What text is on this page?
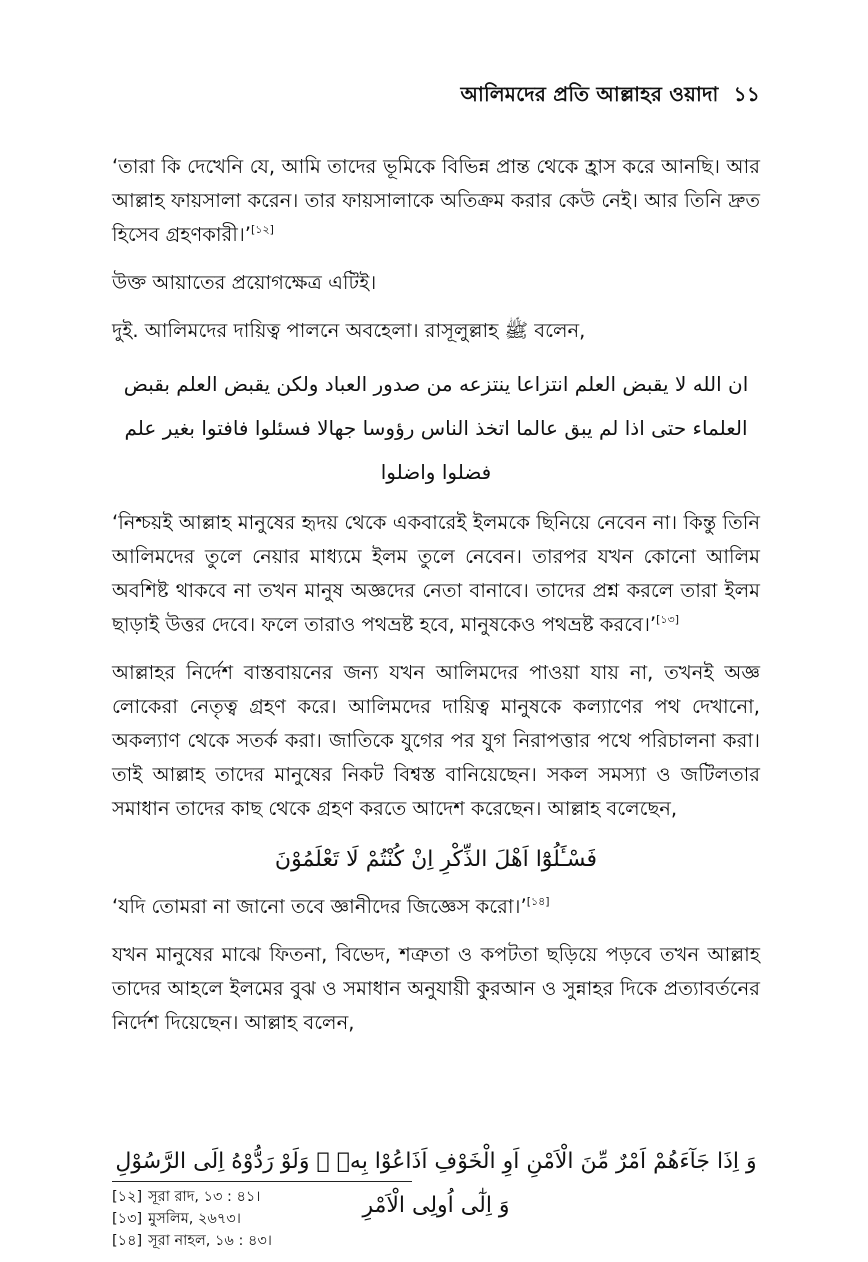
আলিমদের প্রতি আল্লাহর ওয়াদা ১১

‘তারা কি দেখেনি যে, আমি তাদের ভূমিকে বিভিন্ন প্রান্ত থেকে হ্রাস করে আনছি। আর আল্লাহ ফায়সালা করেন। তার ফায়সালাকে অতিক্রম করার কেউ নেই। আর তিনি দ্রুত হিসেব গ্রহণকারী।’[১২]

উক্ত আয়াতের প্রয়োগক্ষেত্র এটিই।

দুই. আলিমদের দায়িত্ব পালনে অবহেলা। রাসূলুল্লাহ ﷺ বলেন,

ان الله لا يقبض العلم انتزاعا ينتزعه من صدور العباد ولكن يقبض العلم بقبض العلماء حتى اذا لم يبق عالما اتخذ الناس رؤوسا جهالا فسئلوا فافتوا بغير علم فضلوا واضلوا

‘নিশ্চয়ই আল্লাহ মানুষের হৃদয় থেকে একবারেই ইলমকে ছিনিয়ে নেবেন না। কিন্তু তিনি আলিমদের তুলে নেয়ার মাধ্যমে ইলম তুলে নেবেন। তারপর যখন কোনো আলিম অবশিষ্ট থাকবে না তখন মানুষ অজ্ঞদের নেতা বানাবে। তাদের প্রশ্ন করলে তারা ইলম ছাড়াই উত্তর দেবে। ফলে তারাও পথভ্রষ্ট হবে, মানুষকেও পথভ্রষ্ট করবে।’[১৩]

আল্লাহর নির্দেশ বাস্তবায়নের জন্য যখন আলিমদের পাওয়া যায় না, তখনই অজ্ঞ লোকেরা নেতৃত্ব গ্রহণ করে। আলিমদের দায়িত্ব মানুষকে কল্যাণের পথ দেখানো, অকল্যাণ থেকে সতর্ক করা। জাতিকে যুগের পর যুগ নিরাপত্তার পথে পরিচালনা করা। তাই আল্লাহ তাদের মানুষের নিকট বিশ্বস্ত বানিয়েছেন। সকল সমস্যা ও জটিলতার সমাধান তাদের কাছ থেকে গ্রহণ করতে আদেশ করেছেন। আল্লাহ বলেছেন,

فَسْـَٔلُوْٓا اَهْلَ الذِّكْرِ اِنْ كُنْتُمْ لَا تَعْلَمُوْنَ

‘যদি তোমরা না জানো তবে জ্ঞানীদের জিজ্ঞেস করো।’[১৪]

যখন মানুষের মাঝে ফিতনা, বিভেদ, শত্রুতা ও কপটতা ছড়িয়ে পড়বে তখন আল্লাহ তাদের আহলে ইলমের বুঝ ও সমাধান অনুযায়ী কুরআন ও সুন্নাহর দিকে প্রত্যাবর্তনের নির্দেশ দিয়েছেন। আল্লাহ বলেন,

وَ اِذَا جَآءَهُمْ اَمْرٌ مِّنَ الْاَمْنِ اَوِ الْخَوْفِ اَذَاعُوْا بِهٖ ۚ وَلَوْ رَدُّوْهُ اِلَى الرَّسُوْلِ وَ اِلٰٓى اُولِى الْاَمْرِ
[১২] সূরা রাদ, ১৩ : ৪১।
[১৩] মুসলিম, ২৬৭৩।
[১৪] সূরা নাহল, ১৬ : ৪৩।
